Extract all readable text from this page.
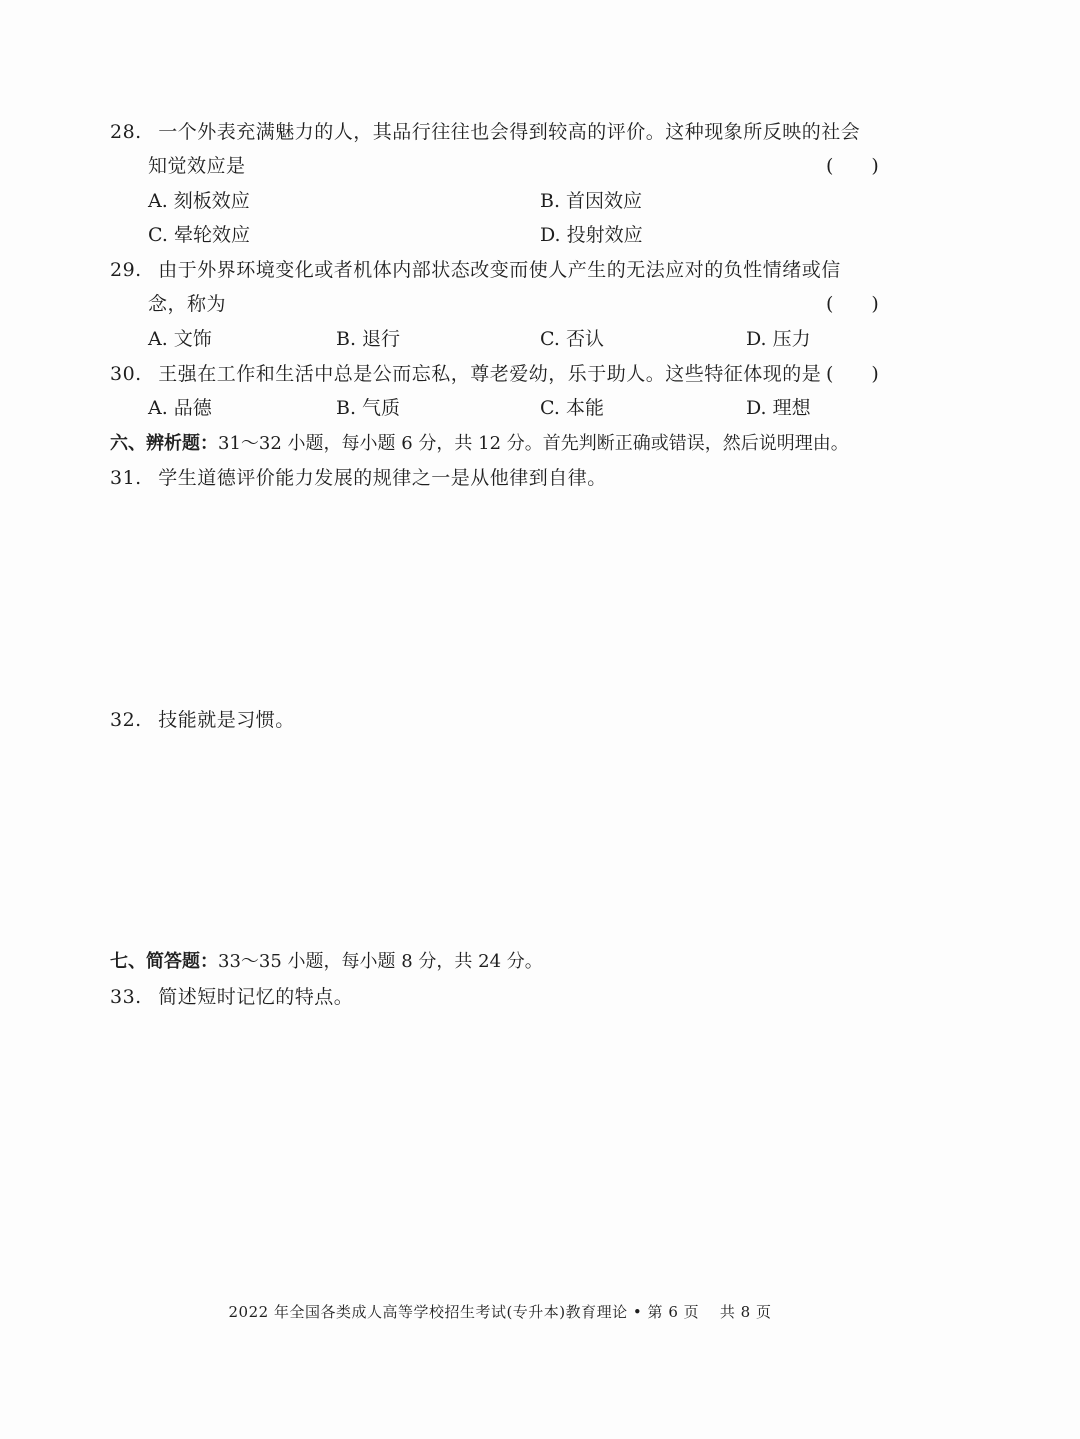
28. 一个外表充满魅力的人，其品行往往也会得到较高的评价。这种现象所反映的社会
知觉效应是	(　　)
A. 刻板效应	B. 首因效应
C. 晕轮效应	D. 投射效应
29. 由于外界环境变化或者机体内部状态改变而使人产生的无法应对的负性情绪或信
念，称为	(　　)
A. 文饰	B. 退行	C. 否认	D. 压力
30. 王强在工作和生活中总是公而忘私，尊老爱幼，乐于助人。这些特征体现的是 (　　)
A. 品德	B. 气质	C. 本能	D. 理想
六、辨析题：31～32 小题，每小题 6 分，共 12 分。首先判断正确或错误，然后说明理由。
31. 学生道德评价能力发展的规律之一是从他律到自律。
32. 技能就是习惯。
七、简答题：33～35 小题，每小题 8 分，共 24 分。
33. 简述短时记忆的特点。
2022 年全国各类成人高等学校招生考试(专升本)教育理论 • 第 6 页　 共 8 页
